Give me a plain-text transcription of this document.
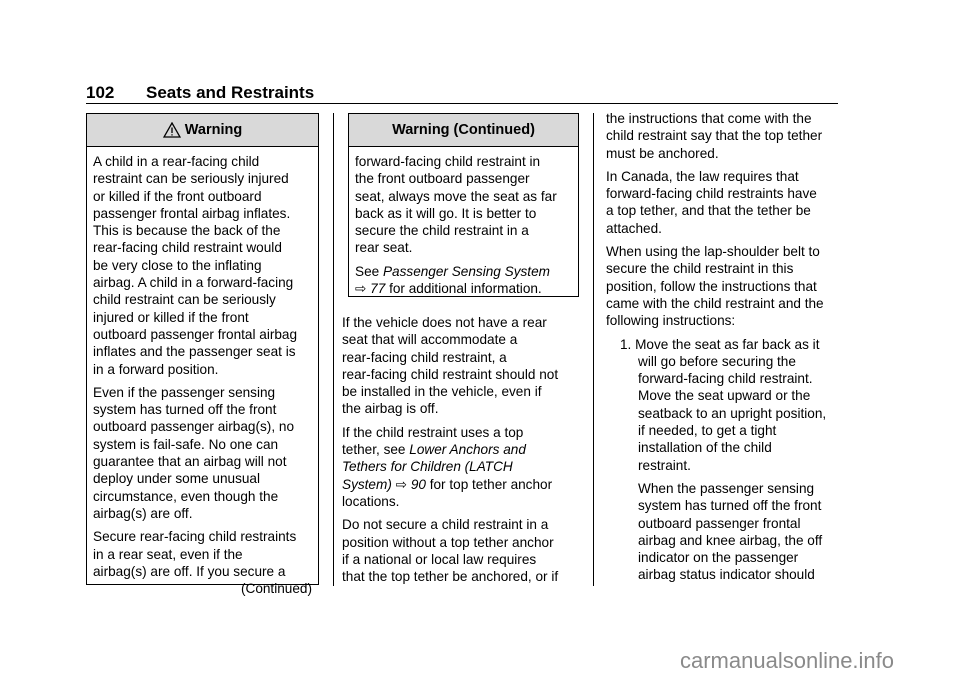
102 Seats and Restraints
Warning

A child in a rear-facing child
restraint can be seriously injured
or killed if the front outboard
passenger frontal airbag inflates.
This is because the back of the
rear-facing child restraint would
be very close to the inflating
airbag. A child in a forward-facing
child restraint can be seriously
injured or killed if the front
outboard passenger frontal airbag
inflates and the passenger seat is
in a forward position.

Even if the passenger sensing
system has turned off the front
outboard passenger airbag(s), no
system is fail-safe. No one can
guarantee that an airbag will not
deploy under some unusual
circumstance, even though the
airbag(s) are off.

Secure rear-facing child restraints
in a rear seat, even if the
airbag(s) are off. If you secure a

(Continued)
Warning (Continued)

forward-facing child restraint in
the front outboard passenger
seat, always move the seat as far
back as it will go. It is better to
secure the child restraint in a
rear seat.

See Passenger Sensing System
⇨ 77 for additional information.

If the vehicle does not have a rear
seat that will accommodate a
rear-facing child restraint, a
rear-facing child restraint should not
be installed in the vehicle, even if
the airbag is off.

If the child restraint uses a top
tether, see Lower Anchors and
Tethers for Children (LATCH
System) ⇨ 90 for top tether anchor
locations.

Do not secure a child restraint in a
position without a top tether anchor
if a national or local law requires
that the top tether be anchored, or if

the instructions that come with the
child restraint say that the top tether
must be anchored.

In Canada, the law requires that
forward-facing child restraints have
a top tether, and that the tether be
attached.

When using the lap-shoulder belt to
secure the child restraint in this
position, follow the instructions that
came with the child restraint and the
following instructions:

1. Move the seat as far back as it
will go before securing the
forward-facing child restraint.
Move the seat upward or the
seatback to an upright position,
if needed, to get a tight
installation of the child
restraint.

When the passenger sensing
system has turned off the front
outboard passenger frontal
airbag and knee airbag, the off
indicator on the passenger
airbag status indicator should

carmanualsonline.info
